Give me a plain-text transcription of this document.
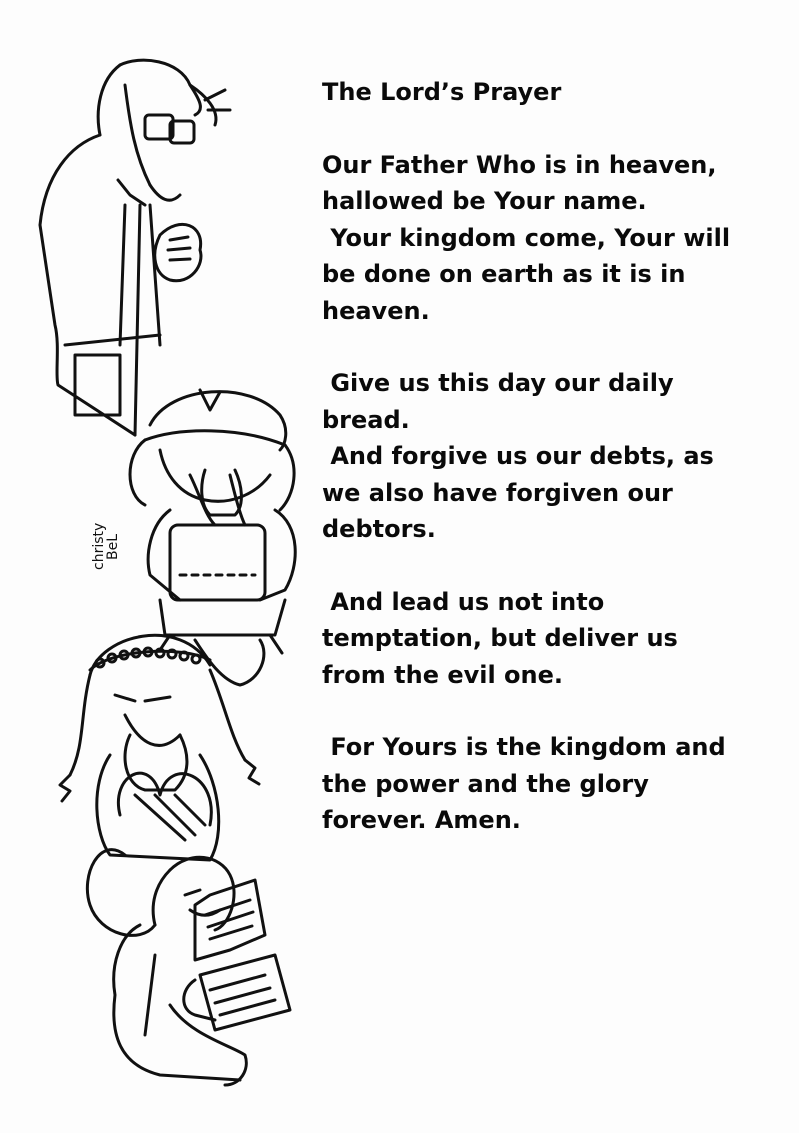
christy
BeL
The Lord’s Prayer
Our Father Who is in heaven,
hallowed be Your name.
Your kingdom come, Your will
be done on earth as it is in
heaven.
Give us this day our daily
bread.
And forgive us our debts, as
we also have forgiven our
debtors.
And lead us not into
temptation, but deliver us
from the evil one.
For Yours is the kingdom and
the power and the glory
forever. Amen.
